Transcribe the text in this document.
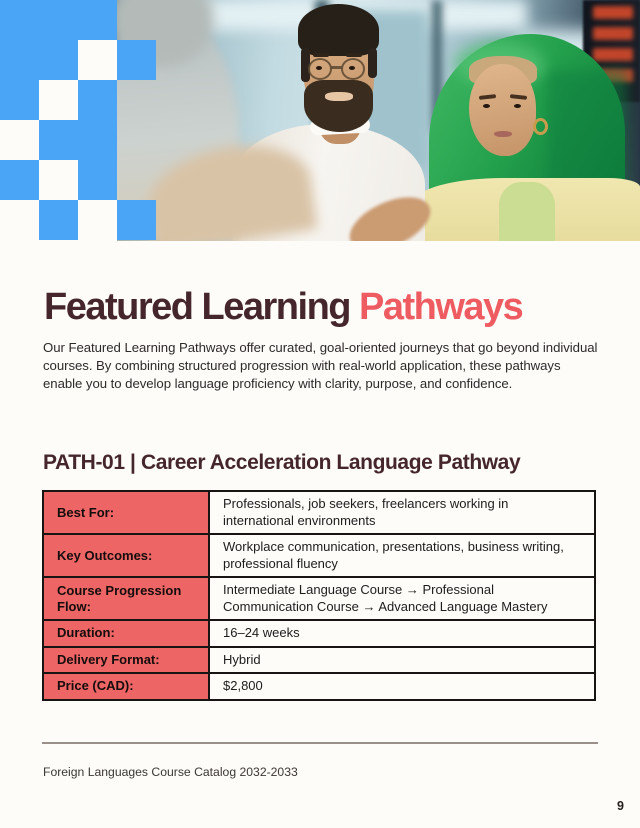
Featured Learning Pathways

Our Featured Learning Pathways offer curated, goal-oriented journeys that go beyond individual courses. By combining structured progression with real-world application, these pathways enable you to develop language proficiency with clarity, purpose, and confidence.

PATH-01 | Career Acceleration Language Pathway
Best For:	Professionals, job seekers, freelancers working in international environments
Key Outcomes:	Workplace communication, presentations, business writing, professional fluency
Course Progression Flow:	Intermediate Language Course → Professional Communication Course → Advanced Language Mastery
Duration:	16–24 weeks
Delivery Format:	Hybrid
Price (CAD):	$2,800
Foreign Languages Course Catalog 2032-2033
9
